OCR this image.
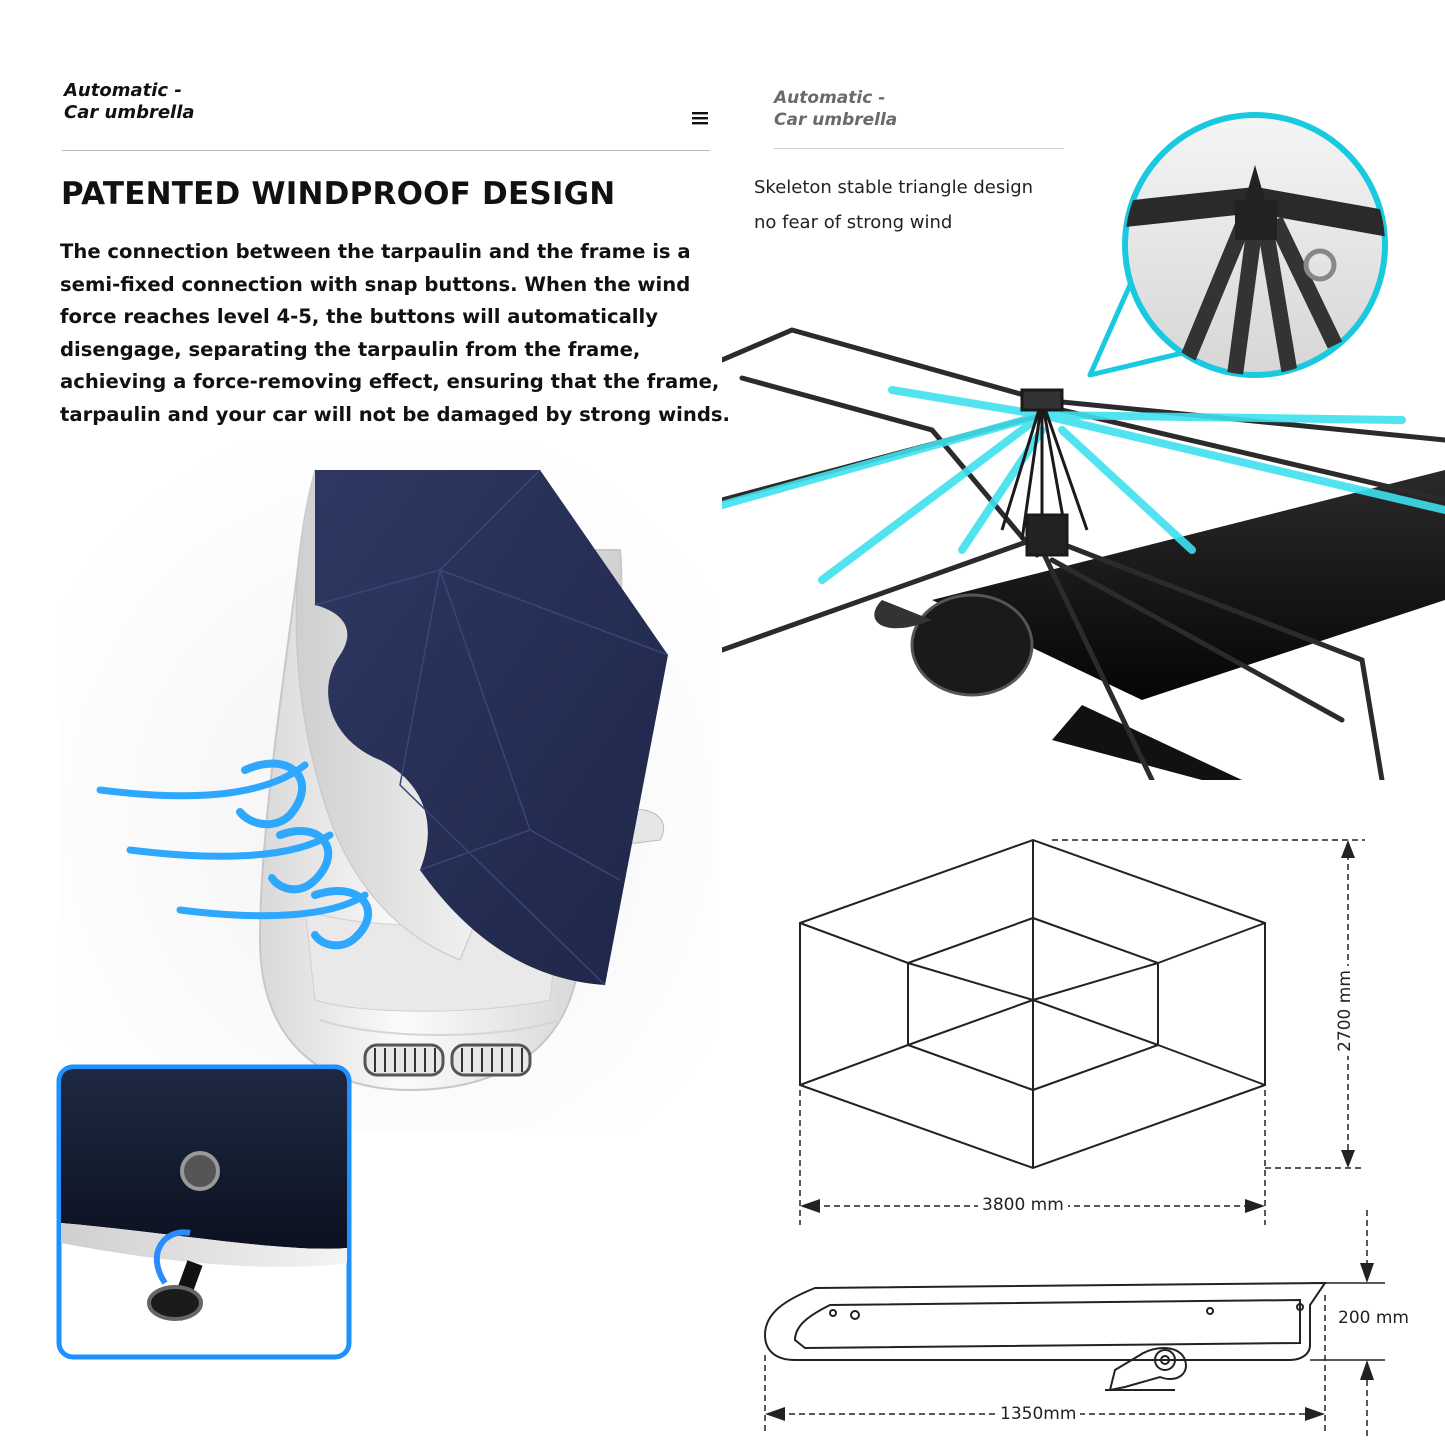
Automatic -
Car umbrella
PATENTED WINDPROOF DESIGN
The connection between the tarpaulin and the frame is a
semi-fixed connection with snap buttons. When the wind
force reaches level 4-5, the buttons will automatically
disengage, separating the tarpaulin from the frame,
achieving a force-removing effect, ensuring that the frame,
tarpaulin and your car will not be damaged by strong winds.
Automatic -
Car umbrella
Skeleton stable triangle design
no fear of strong wind
2700 mm
3800 mm
200 mm
1350mm
